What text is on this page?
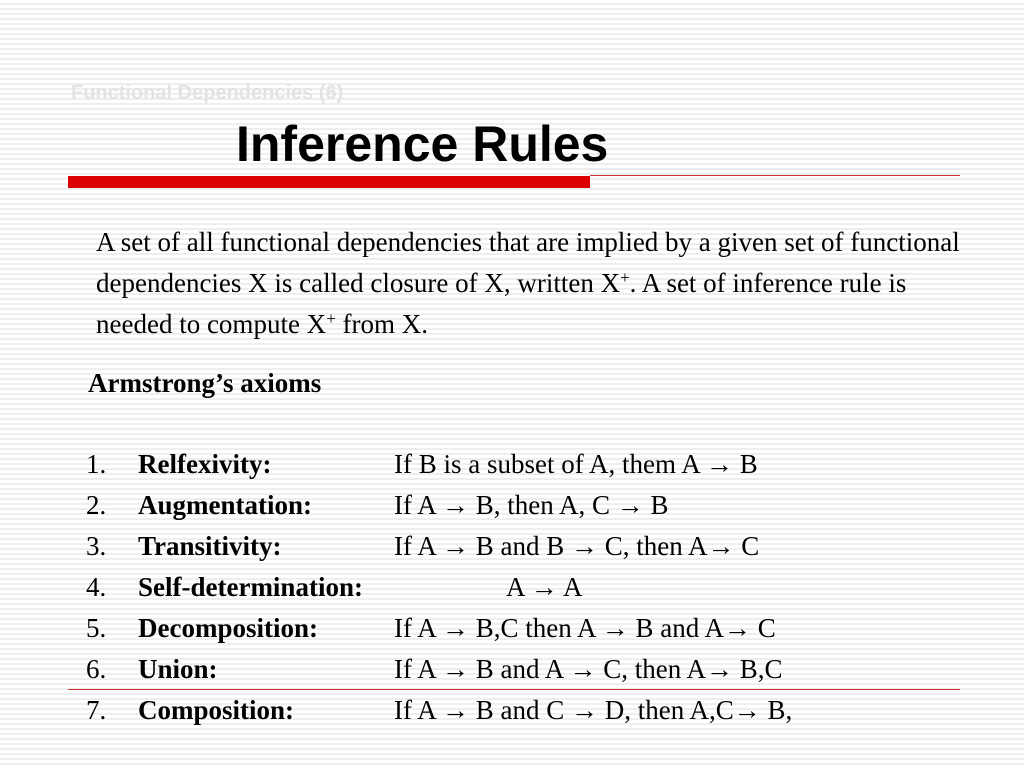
Functional Dependencies (6)
Inference Rules
A set of all functional dependencies that are implied by a given set of functional dependencies X is called closure of X, written X+. A set of inference rule is needed to compute X+ from X.
Armstrong’s axioms
1. Relfexivity:	If B is a subset of A, them A → B
2. Augmentation:	If A → B, then A, C → B
3. Transitivity:	If A → B and B → C, then A→ C
4. Self-determination:	A → A
5. Decomposition:	If A → B,C then A → B and A→ C
6. Union:	If A → B and A → C, then A→ B,C
7. Composition:	If A → B and C → D, then A,C→ B,
